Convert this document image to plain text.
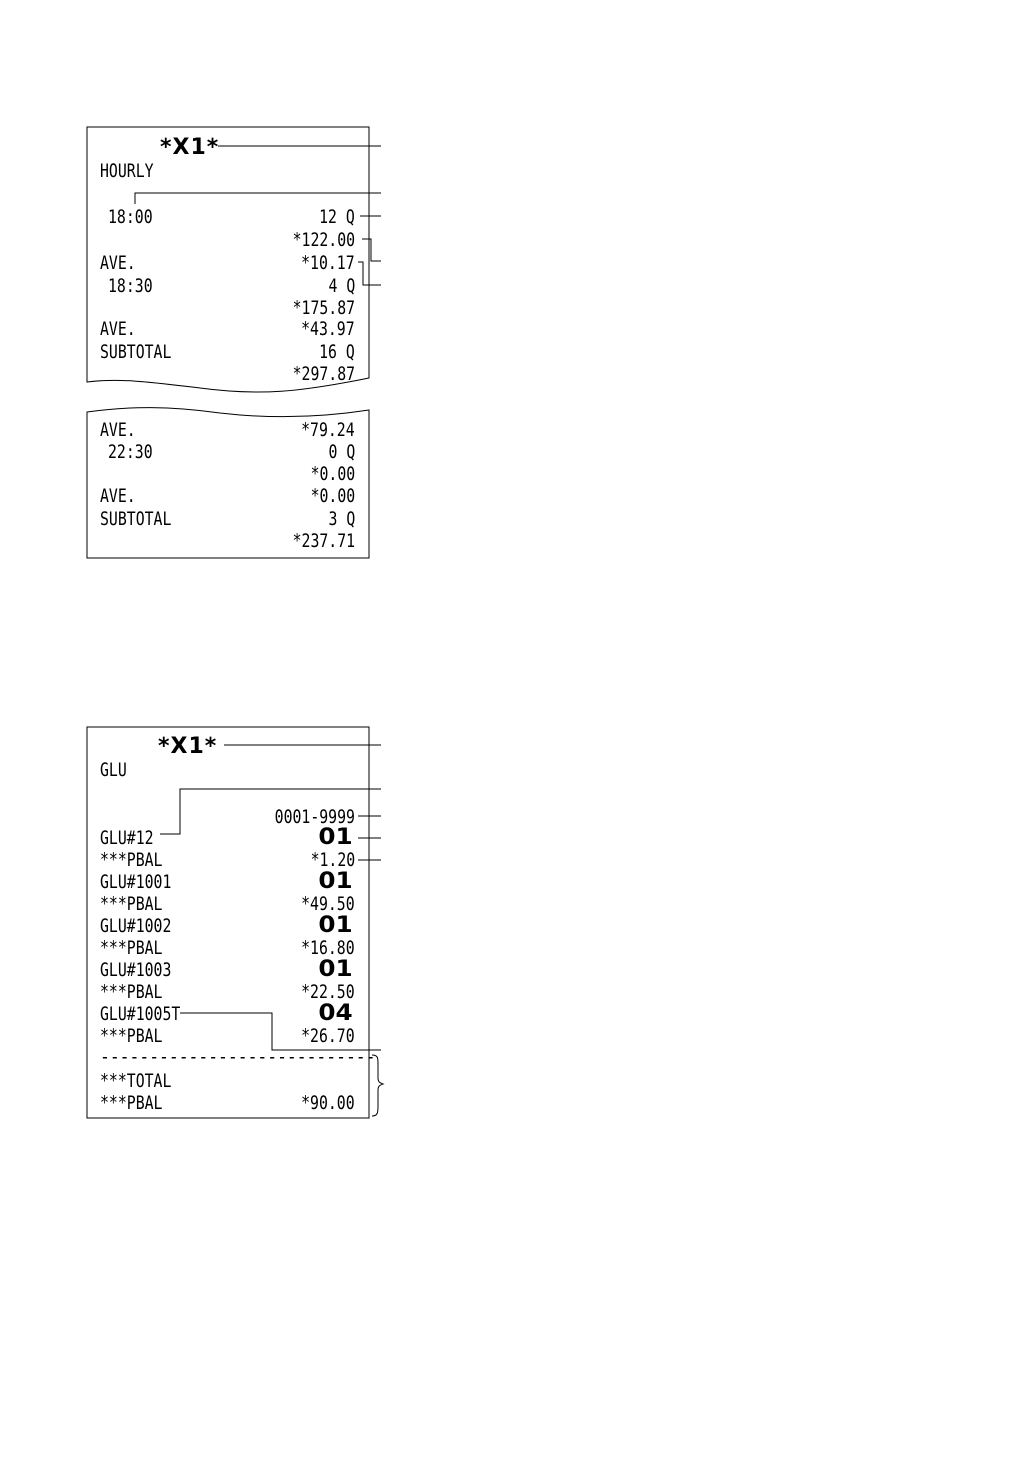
*X1*
HOURLY
18:00	12 Q
*122.00
AVE.	*10.17
18:30	4 Q
*175.87
AVE.	*43.97
SUBTOTAL	16 Q
*297.87
AVE.	*79.24
22:30	0 Q
*0.00
AVE.	*0.00
SUBTOTAL	3 Q
*237.71
*X1*
GLU
0001-9999
GLU#12	01
***PBAL	*1.20
GLU#1001	01
***PBAL	*49.50
GLU#1002	01
***PBAL	*16.80
GLU#1003	01
***PBAL	*22.50
GLU#1005T	04
***PBAL	*26.70
----------------------------
***TOTAL
***PBAL	*90.00
